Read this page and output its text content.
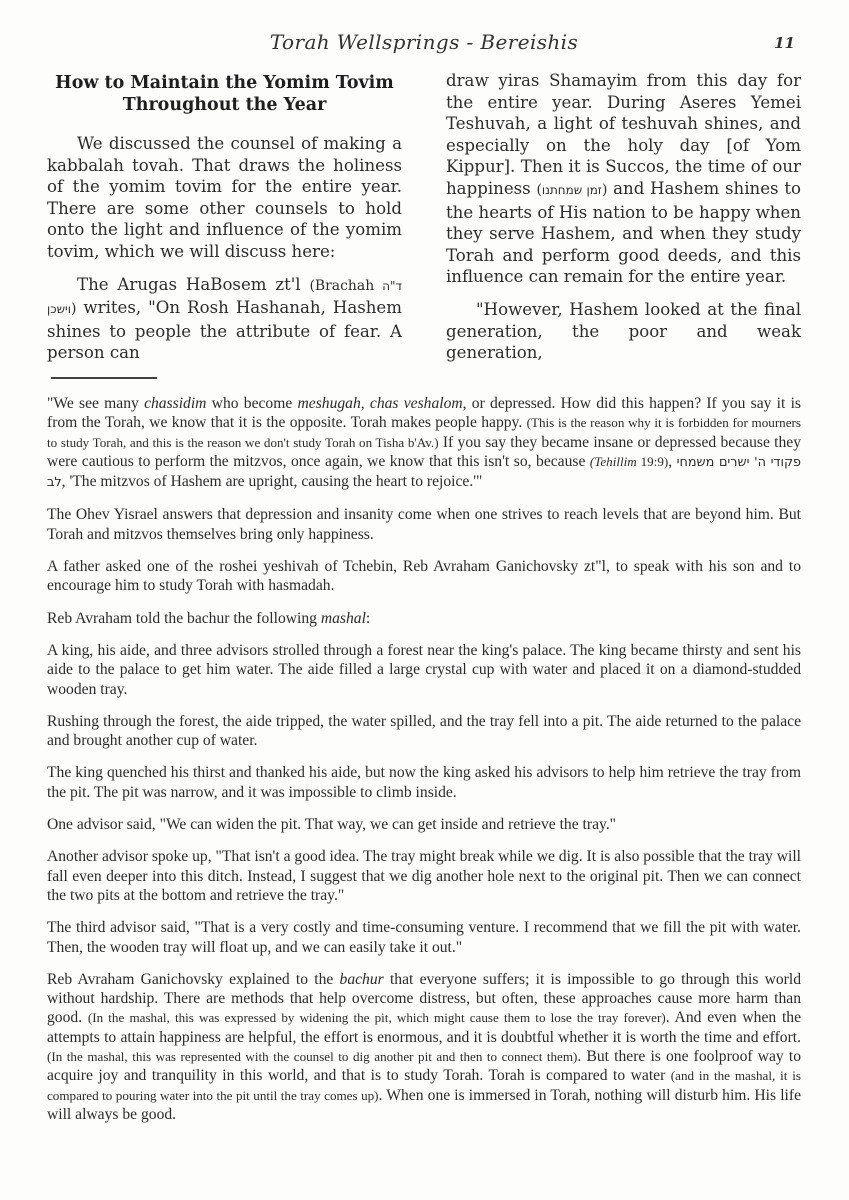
Torah Wellsprings - Bereishis	11
How to Maintain the Yomim Tovim
Throughout the Year

We discussed the counsel of making a kabbalah tovah. That draws the holiness of the yomim tovim for the entire year. There are some other counsels to hold onto the light and influence of the yomim tovim, which we will discuss here:

The Arugas HaBosem zt'l (Brachah ד"ה וישכן) writes, "On Rosh Hashanah, Hashem shines to people the attribute of fear. A person can

draw yiras Shamayim from this day for the entire year. During Aseres Yemei Teshuvah, a light of teshuvah shines, and especially on the holy day [of Yom Kippur]. Then it is Succos, the time of our happiness (זמן שמחתנו) and Hashem shines to the hearts of His nation to be happy when they serve Hashem, and when they study Torah and perform good deeds, and this influence can remain for the entire year.

"However, Hashem looked at the final generation, the poor and weak generation,

"We see many chassidim who become meshugah, chas veshalom, or depressed. How did this happen? If you say it is from the Torah, we know that it is the opposite. Torah makes people happy. (This is the reason why it is forbidden for mourners to study Torah, and this is the reason we don't study Torah on Tisha b'Av.) If you say they became insane or depressed because they were cautious to perform the mitzvos, once again, we know that this isn't so, because (Tehillim 19:9), פקודי ה' ישרים משמחי לב, 'The mitzvos of Hashem are upright, causing the heart to rejoice.'"

The Ohev Yisrael answers that depression and insanity come when one strives to reach levels that are beyond him. But Torah and mitzvos themselves bring only happiness.

A father asked one of the roshei yeshivah of Tchebin, Reb Avraham Ganichovsky zt"l, to speak with his son and to encourage him to study Torah with hasmadah.

Reb Avraham told the bachur the following mashal:

A king, his aide, and three advisors strolled through a forest near the king's palace. The king became thirsty and sent his aide to the palace to get him water. The aide filled a large crystal cup with water and placed it on a diamond-studded wooden tray.

Rushing through the forest, the aide tripped, the water spilled, and the tray fell into a pit. The aide returned to the palace and brought another cup of water.

The king quenched his thirst and thanked his aide, but now the king asked his advisors to help him retrieve the tray from the pit. The pit was narrow, and it was impossible to climb inside.

One advisor said, "We can widen the pit. That way, we can get inside and retrieve the tray."

Another advisor spoke up, "That isn't a good idea. The tray might break while we dig. It is also possible that the tray will fall even deeper into this ditch. Instead, I suggest that we dig another hole next to the original pit. Then we can connect the two pits at the bottom and retrieve the tray."

The third advisor said, "That is a very costly and time-consuming venture. I recommend that we fill the pit with water. Then, the wooden tray will float up, and we can easily take it out."

Reb Avraham Ganichovsky explained to the bachur that everyone suffers; it is impossible to go through this world without hardship. There are methods that help overcome distress, but often, these approaches cause more harm than good. (In the mashal, this was expressed by widening the pit, which might cause them to lose the tray forever). And even when the attempts to attain happiness are helpful, the effort is enormous, and it is doubtful whether it is worth the time and effort. (In the mashal, this was represented with the counsel to dig another pit and then to connect them). But there is one foolproof way to acquire joy and tranquility in this world, and that is to study Torah. Torah is compared to water (and in the mashal, it is compared to pouring water into the pit until the tray comes up). When one is immersed in Torah, nothing will disturb him. His life will always be good.
